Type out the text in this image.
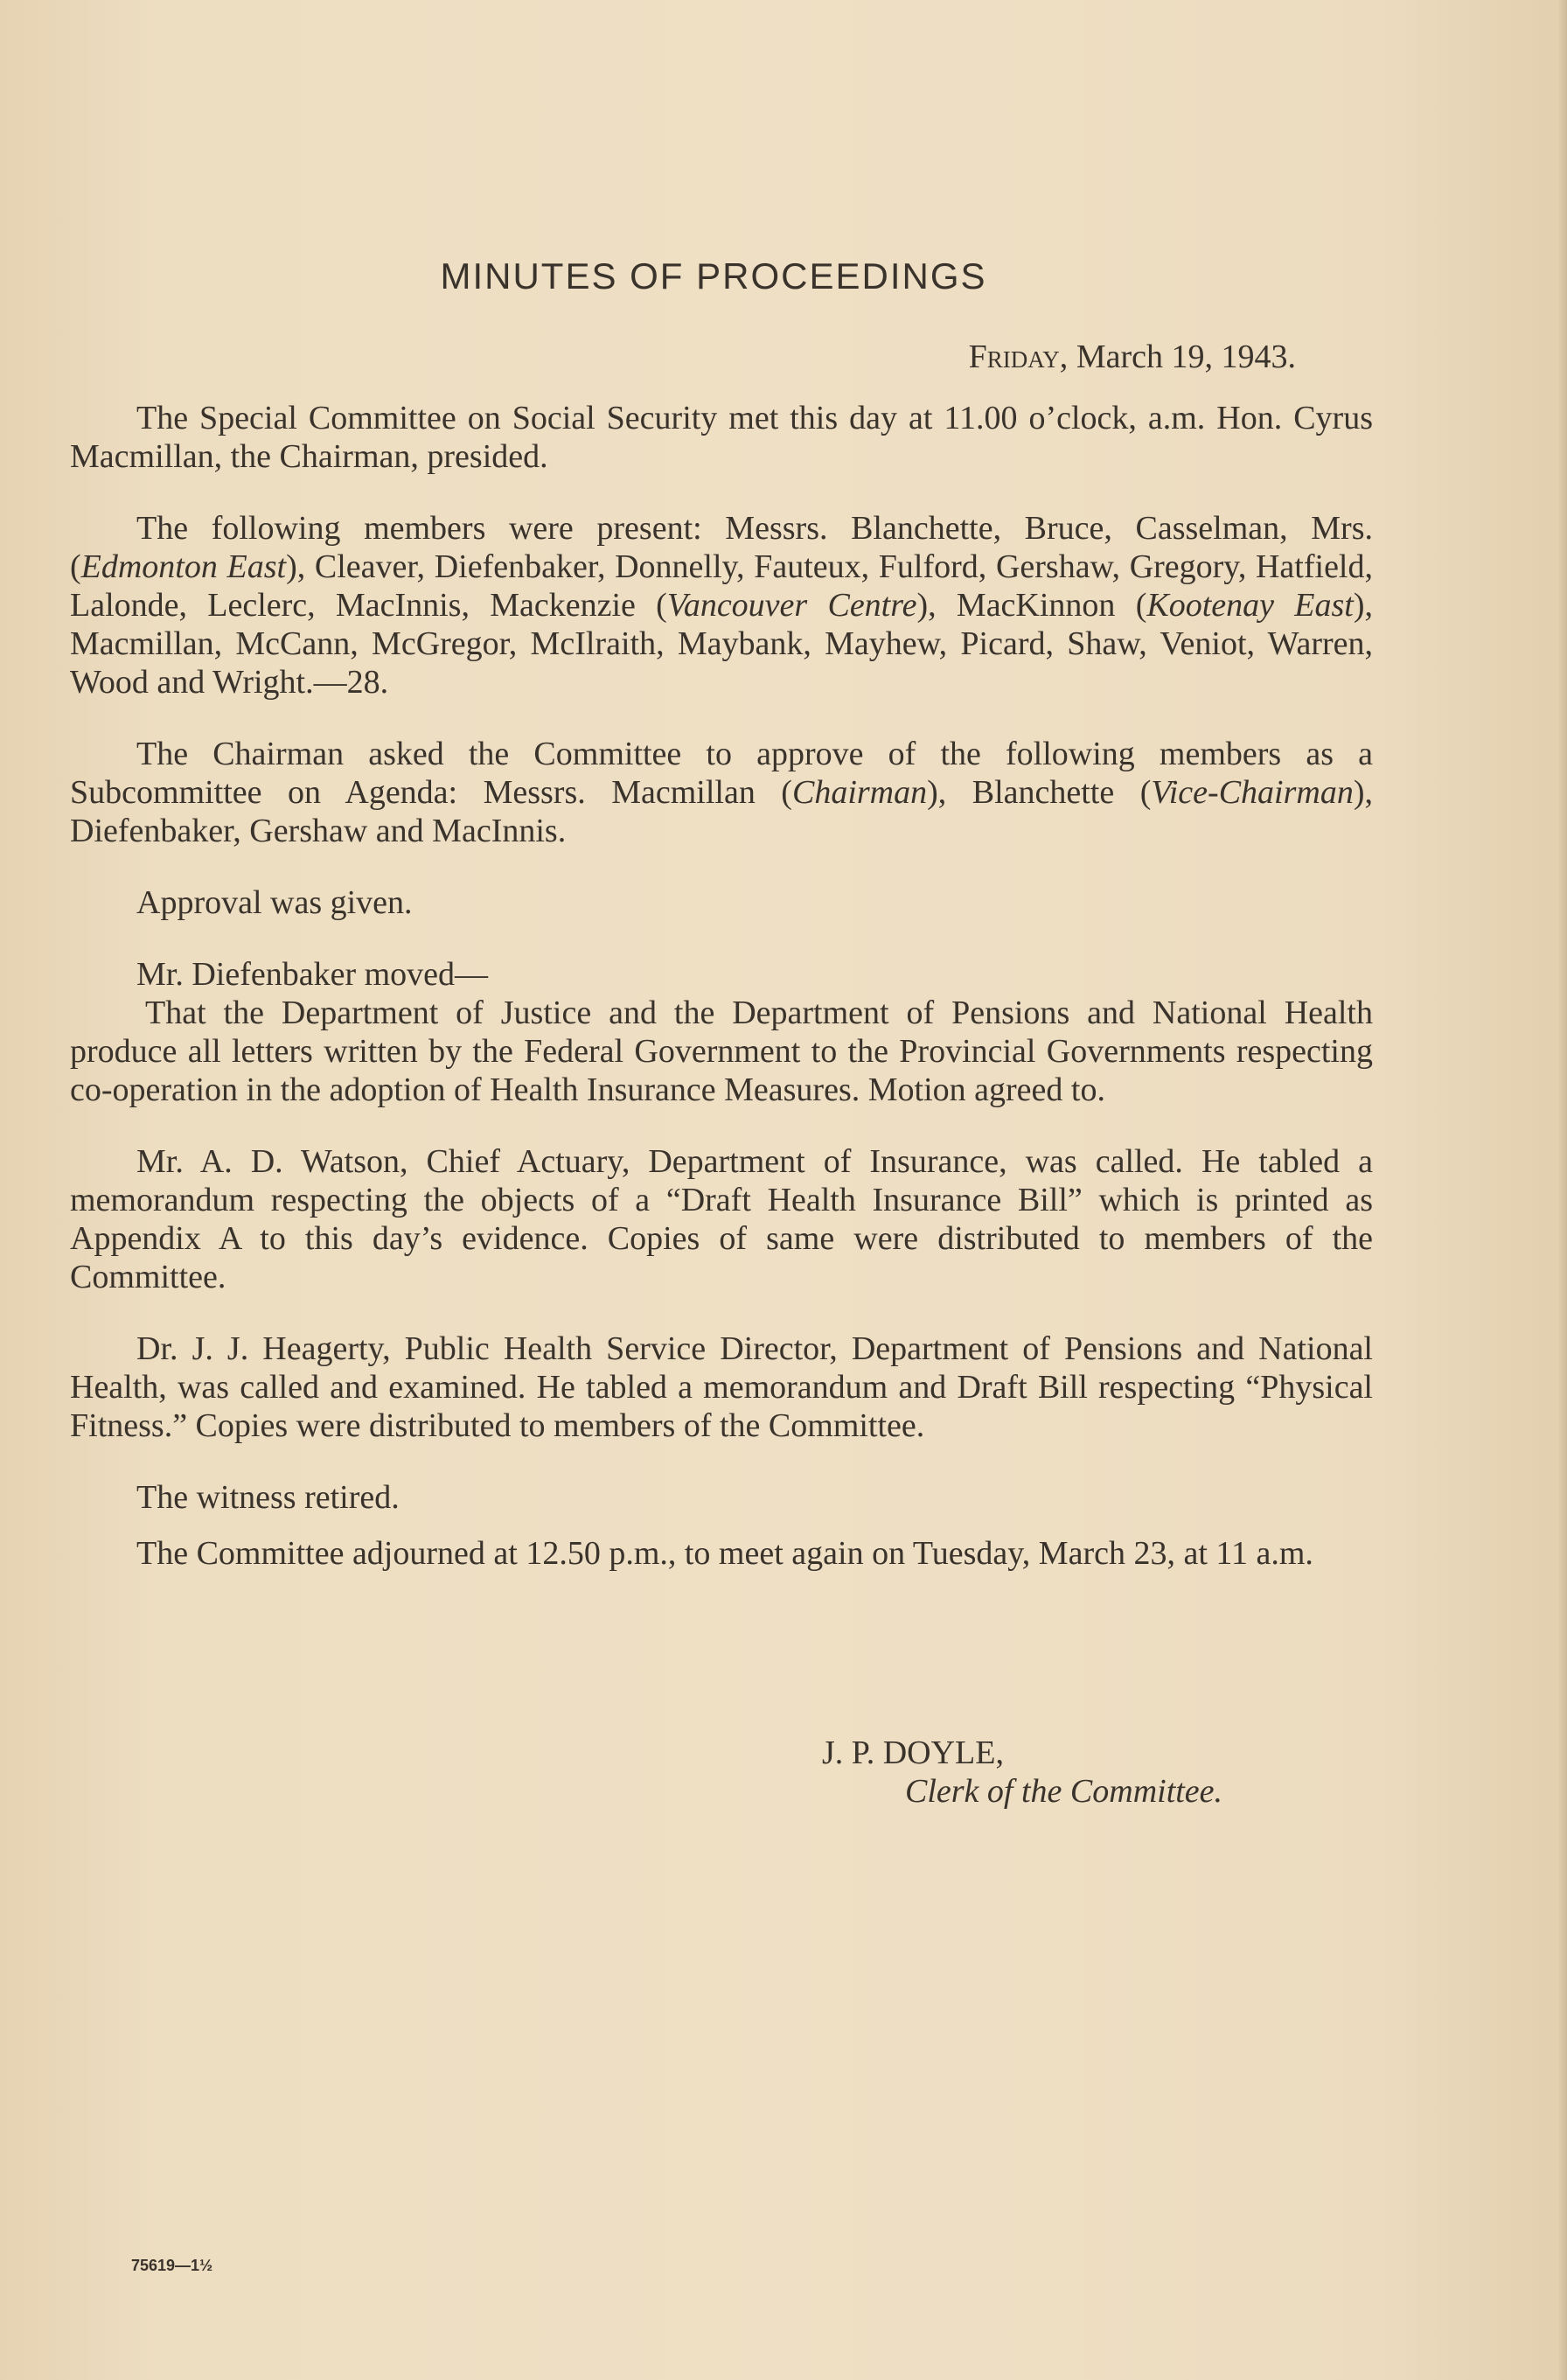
MINUTES OF PROCEEDINGS
Friday, March 19, 1943.

The Special Committee on Social Security met this day at 11.00 o’clock, a.m. Hon. Cyrus Macmillan, the Chairman, presided.

The following members were present: Messrs. Blanchette, Bruce, Casselman, Mrs. (Edmonton East), Cleaver, Diefenbaker, Donnelly, Fauteux, Fulford, Gershaw, Gregory, Hatfield, Lalonde, Leclerc, MacInnis, Mackenzie (Vancouver Centre), MacKinnon (Kootenay East), Macmillan, McCann, McGregor, McIlraith, Maybank, Mayhew, Picard, Shaw, Veniot, Warren, Wood and Wright.—28.

The Chairman asked the Committee to approve of the following members as a Subcommittee on Agenda: Messrs. Macmillan (Chairman), Blanchette (Vice-Chairman), Diefenbaker, Gershaw and MacInnis.

Approval was given.

Mr. Diefenbaker moved—

That the Department of Justice and the Department of Pensions and National Health produce all letters written by the Federal Government to the Provincial Governments respecting co-operation in the adoption of Health Insurance Measures. Motion agreed to.

Mr. A. D. Watson, Chief Actuary, Department of Insurance, was called. He tabled a memorandum respecting the objects of a “Draft Health Insurance Bill” which is printed as Appendix A to this day’s evidence. Copies of same were distributed to members of the Committee.

Dr. J. J. Heagerty, Public Health Service Director, Department of Pensions and National Health, was called and examined. He tabled a memorandum and Draft Bill respecting “Physical Fitness.” Copies were distributed to members of the Committee.

The witness retired.

The Committee adjourned at 12.50 p.m., to meet again on Tuesday, March 23, at 11 a.m.

J. P. DOYLE,
Clerk of the Committee.
75619—1½
